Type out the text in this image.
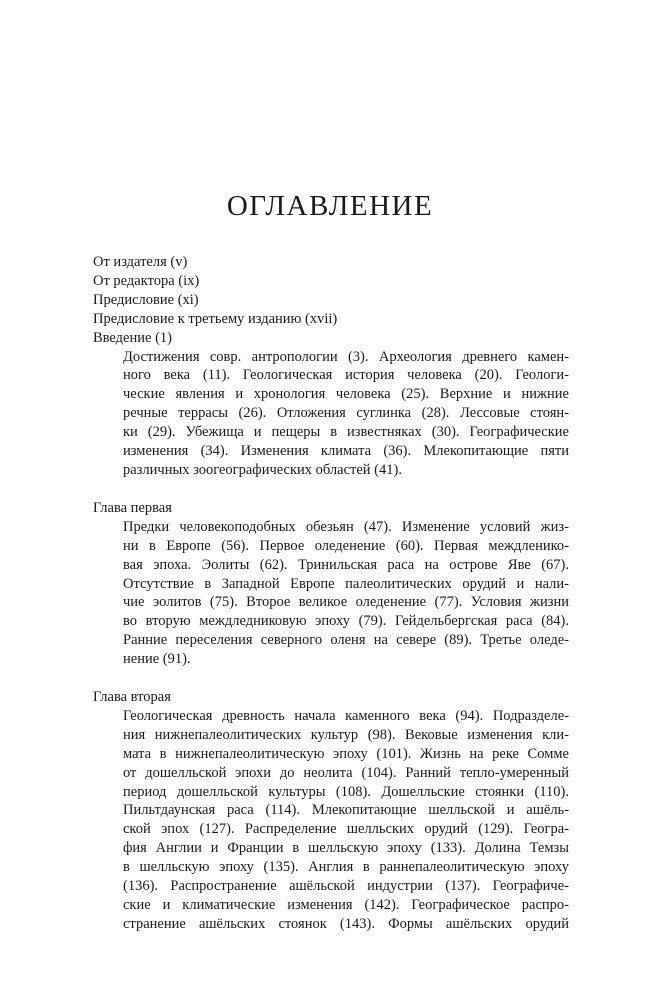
ОГЛАВЛЕНИЕ
От издателя (v)
От редактора (ix)
Предисловие (xi)
Предисловие к третьему изданию (xvii)
Введение (1)
Достижения совр. антропологии (3). Археология древнего камен-
ного века (11). Геологическая история человека (20). Геологи-
ческие явления и хронология человека (25). Верхние и нижние
речные террасы (26). Отложения суглинка (28). Лессовые стоян-
ки (29). Убежища и пещеры в известняках (30). Географические
изменения (34). Изменения климата (36). Млекопитающие пяти
различных зоогеографических областей (41).
Глава первая
Предки человекоподобных обезьян (47). Изменение условий жиз-
ни в Европе (56). Первое оледенение (60). Первая междленико-
вая эпоха. Эолиты (62). Тринильская раса на острове Яве (67).
Отсутствие в Западной Европе палеолитических орудий и нали-
чие эолитов (75). Второе великое оледенение (77). Условия жизни
во вторую междледниковую эпоху (79). Гейдельбергская раса (84).
Ранние переселения северного оленя на севере (89). Третье оледе-
нение (91).
Глава вторая
Геологическая древность начала каменного века (94). Подразделе-
ния нижнепалеолитических культур (98). Вековые изменения кли-
мата в нижнепалеолитическую эпоху (101). Жизнь на реке Сомме
от дошелльской эпохи до неолита (104). Ранний тепло-умеренный
период дошелльской культуры (108). Дошелльские стоянки (110).
Пильтдаунская раса (114). Млекопитающие шелльской и ашёль-
ской эпох (127). Распределение шелльских орудий (129). Геогра-
фия Англии и Франции в шелльскую эпоху (133). Долина Темзы
в шелльскую эпоху (135). Англия в раннепалеолитическую эпоху
(136). Распространение ашёльской индустрии (137). Географиче-
ские и климатические изменения (142). Географическое распро-
странение ашёльских стоянок (143). Формы ашёльских орудий
